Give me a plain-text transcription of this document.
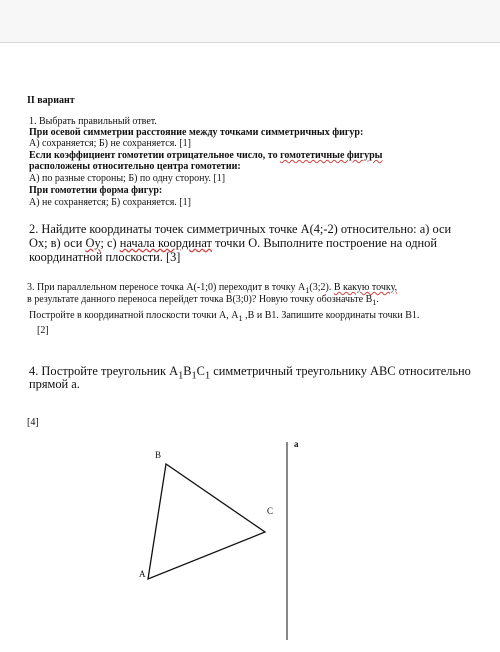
II вариант
1. Выбрать правильный ответ.
При осевой симметрии расстояние между точками симметричных фигур:
А) сохраняется; Б) не сохраняется. [1]
Если коэффициент гомотетии отрицательное число, то гомотетичные фигуры
расположены относительно центра гомотетии:
А) по разные стороны; Б) по одну сторону. [1]
При гомотетии форма фигур:
А) не сохраняется; Б) сохраняется. [1]
2. Найдите координаты точек симметричных точке А(4;-2) относительно: а) оси
Ох; в) оси Оу; с) начала координат точки О. Выполните построение на одной
координатной плоскости. [3]
3. При параллельном переносе точка А(-1;0) переходит в точку $А_1(3;2)$. В какую точку,
в результате данного переноса перейдет точка В(3;0)? Новую точку обозначьте $В_1$.
Постройте в координатной плоскости точки А, $А_1$ ,В и В1. Запишите координаты точки В1.
[2]
4. Постройте треугольник $А_1В_1С_1$ симметричный треугольнику АВС относительно
прямой а.
[4]
A
B
C
a
